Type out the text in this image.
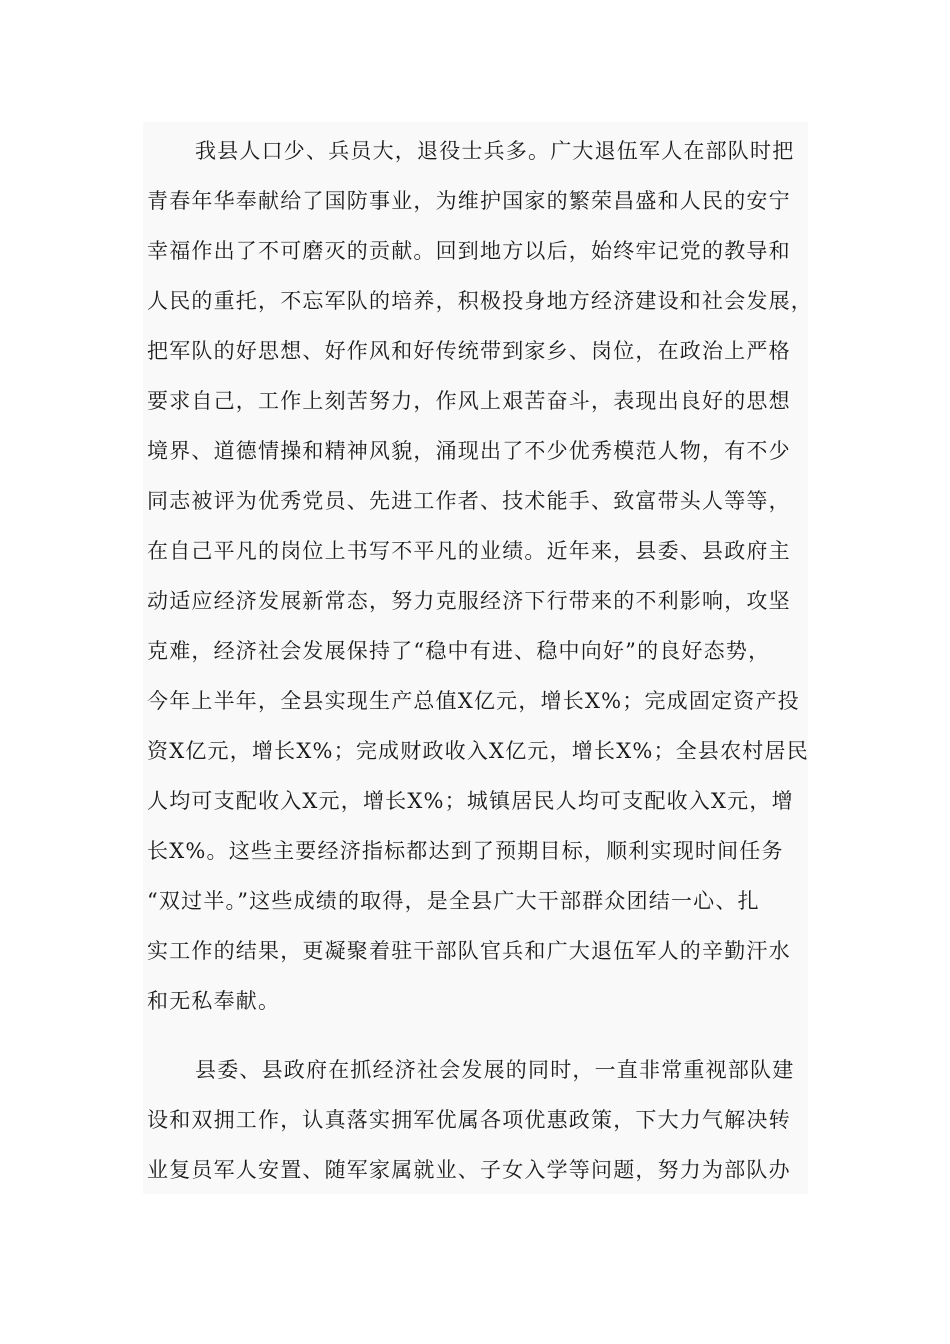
我县人口少、兵员大，退役士兵多。广大退伍军人在部队时把
青春年华奉献给了国防事业，为维护国家的繁荣昌盛和人民的安宁
幸福作出了不可磨灭的贡献。回到地方以后，始终牢记党的教导和
人民的重托，不忘军队的培养，积极投身地方经济建设和社会发展，
把军队的好思想、好作风和好传统带到家乡、岗位，在政治上严格
要求自己，工作上刻苦努力，作风上艰苦奋斗，表现出良好的思想
境界、道德情操和精神风貌，涌现出了不少优秀模范人物，有不少
同志被评为优秀党员、先进工作者、技术能手、致富带头人等等，
在自己平凡的岗位上书写不平凡的业绩。近年来，县委、县政府主
动适应经济发展新常态，努力克服经济下行带来的不利影响，攻坚
克难，经济社会发展保持了“稳中有进、稳中向好”的良好态势，
今年上半年，全县实现生产总值X亿元，增长X%；完成固定资产投
资X亿元，增长X%；完成财政收入X亿元，增长X%；全县农村居民
人均可支配收入X元，增长X%；城镇居民人均可支配收入X元，增
长X%。这些主要经济指标都达到了预期目标，顺利实现时间任务
“双过半。”这些成绩的取得，是全县广大干部群众团结一心、扎
实工作的结果，更凝聚着驻干部队官兵和广大退伍军人的辛勤汗水
和无私奉献。
县委、县政府在抓经济社会发展的同时，一直非常重视部队建
设和双拥工作，认真落实拥军优属各项优惠政策，下大力气解决转
业复员军人安置、随军家属就业、子女入学等问题，努力为部队办
